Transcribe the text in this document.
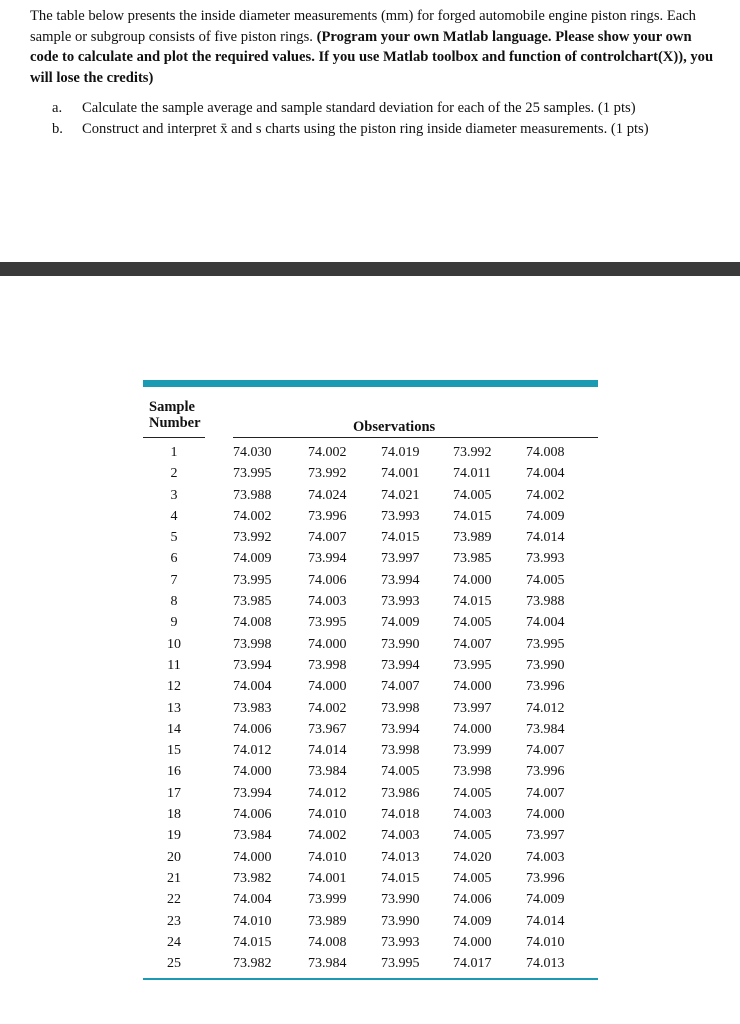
The table below presents the inside diameter measurements (mm) for forged automobile engine piston rings. Each sample or subgroup consists of five piston rings. (Program your own Matlab language. Please show your own code to calculate and plot the required values. If you use Matlab toolbox and function of controlchart(X)), you will lose the credits)
a.	Calculate the sample average and sample standard deviation for each of the 25 samples. (1 pts)
b.	Construct and interpret x̄ and s charts using the piston ring inside diameter measurements. (1 pts)
Sample
Number	Observations
1	74.030	74.002	74.019	73.992	74.008
2	73.995	73.992	74.001	74.011	74.004
3	73.988	74.024	74.021	74.005	74.002
4	74.002	73.996	73.993	74.015	74.009
5	73.992	74.007	74.015	73.989	74.014
6	74.009	73.994	73.997	73.985	73.993
7	73.995	74.006	73.994	74.000	74.005
8	73.985	74.003	73.993	74.015	73.988
9	74.008	73.995	74.009	74.005	74.004
10	73.998	74.000	73.990	74.007	73.995
11	73.994	73.998	73.994	73.995	73.990
12	74.004	74.000	74.007	74.000	73.996
13	73.983	74.002	73.998	73.997	74.012
14	74.006	73.967	73.994	74.000	73.984
15	74.012	74.014	73.998	73.999	74.007
16	74.000	73.984	74.005	73.998	73.996
17	73.994	74.012	73.986	74.005	74.007
18	74.006	74.010	74.018	74.003	74.000
19	73.984	74.002	74.003	74.005	73.997
20	74.000	74.010	74.013	74.020	74.003
21	73.982	74.001	74.015	74.005	73.996
22	74.004	73.999	73.990	74.006	74.009
23	74.010	73.989	73.990	74.009	74.014
24	74.015	74.008	73.993	74.000	74.010
25	73.982	73.984	73.995	74.017	74.013
